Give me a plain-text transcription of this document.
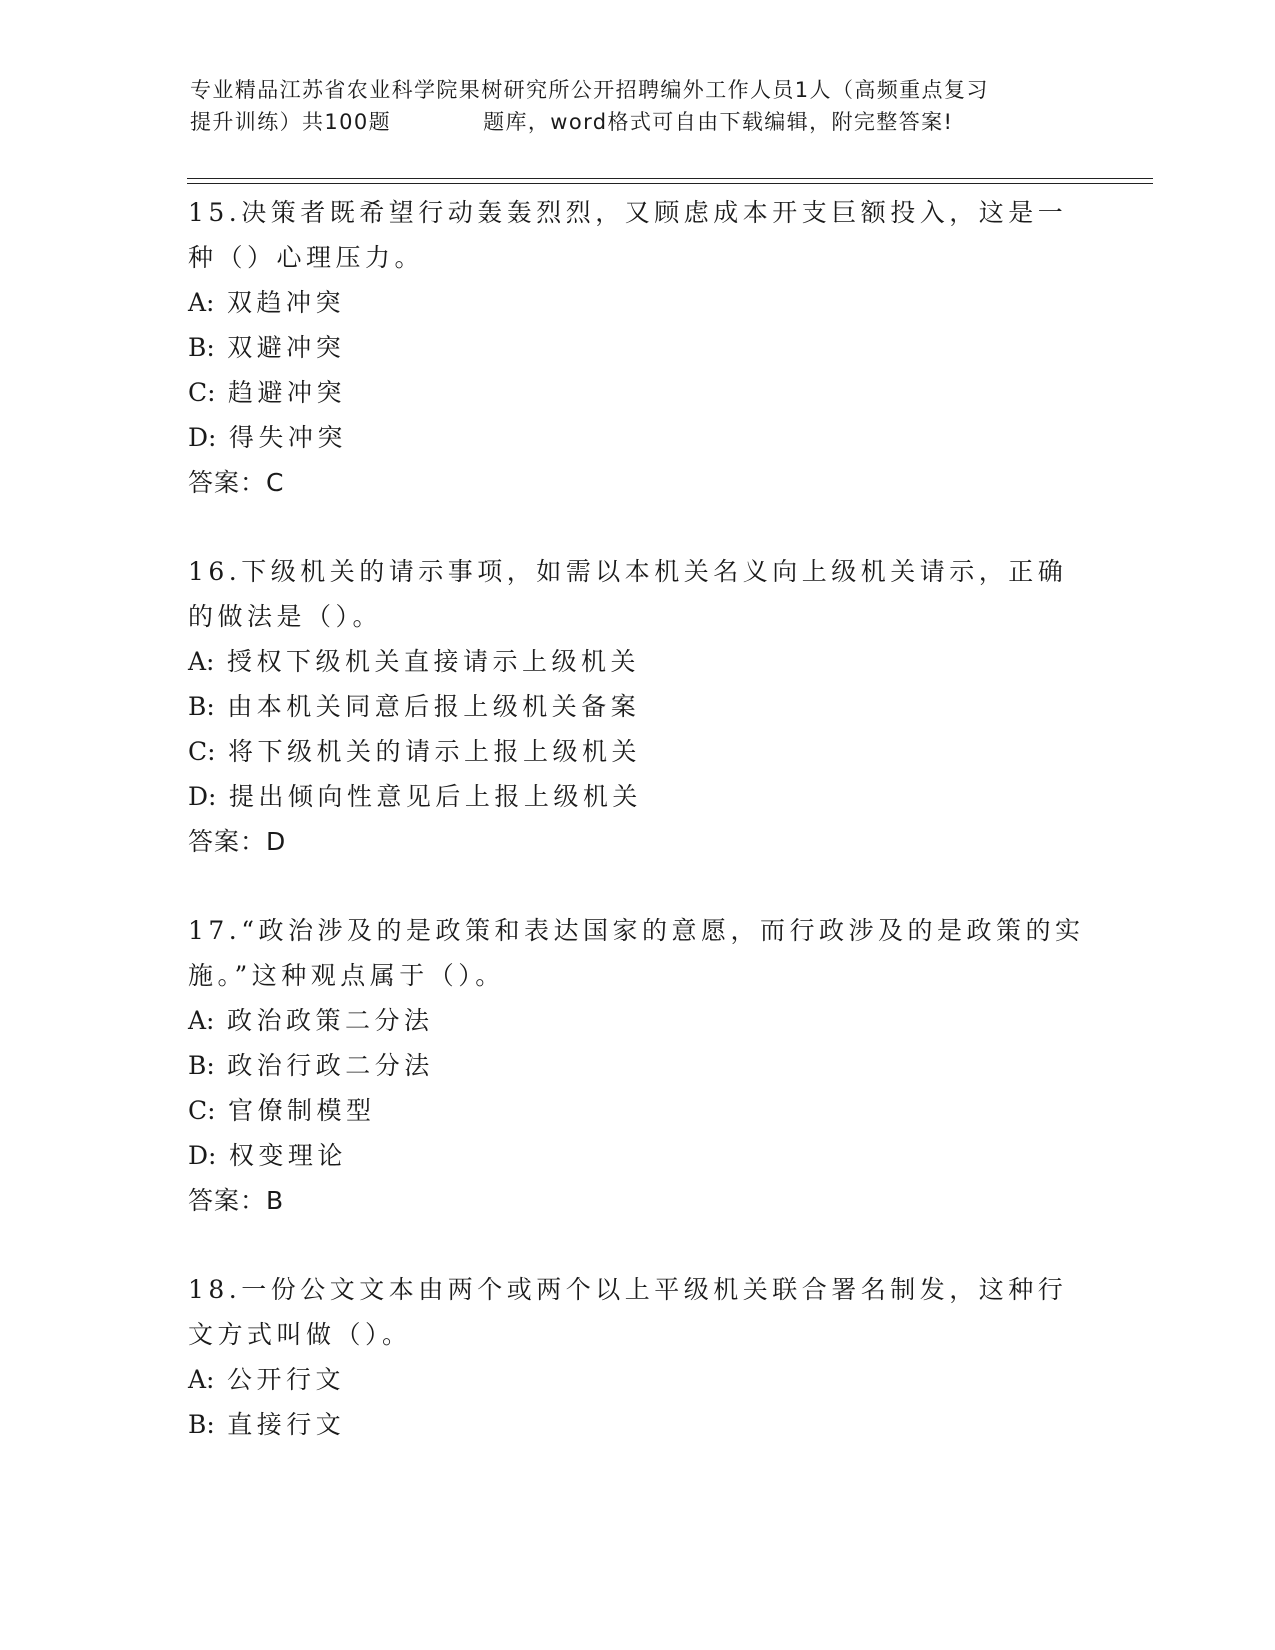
专业精品江苏省农业科学院果树研究所公开招聘编外工作人员1人（高频重点复习
提升训练）共100题	题库，word格式可自由下载编辑，附完整答案!

15.决策者既希望行动轰轰烈烈，又顾虑成本开支巨额投入，这是一种（）心理压力。

A: 双趋冲突

B: 双避冲突

C: 趋避冲突

D: 得失冲突

答案：C

16.下级机关的请示事项，如需以本机关名义向上级机关请示，正确的做法是（）。

A: 授权下级机关直接请示上级机关

B: 由本机关同意后报上级机关备案

C: 将下级机关的请示上报上级机关

D: 提出倾向性意见后上报上级机关

答案：D

17.“政治涉及的是政策和表达国家的意愿，而行政涉及的是政策的实施。”这种观点属于（）。

A: 政治政策二分法

B: 政治行政二分法

C: 官僚制模型

D: 权变理论

答案：B

18.一份公文文本由两个或两个以上平级机关联合署名制发，这种行文方式叫做（）。

A: 公开行文

B: 直接行文
